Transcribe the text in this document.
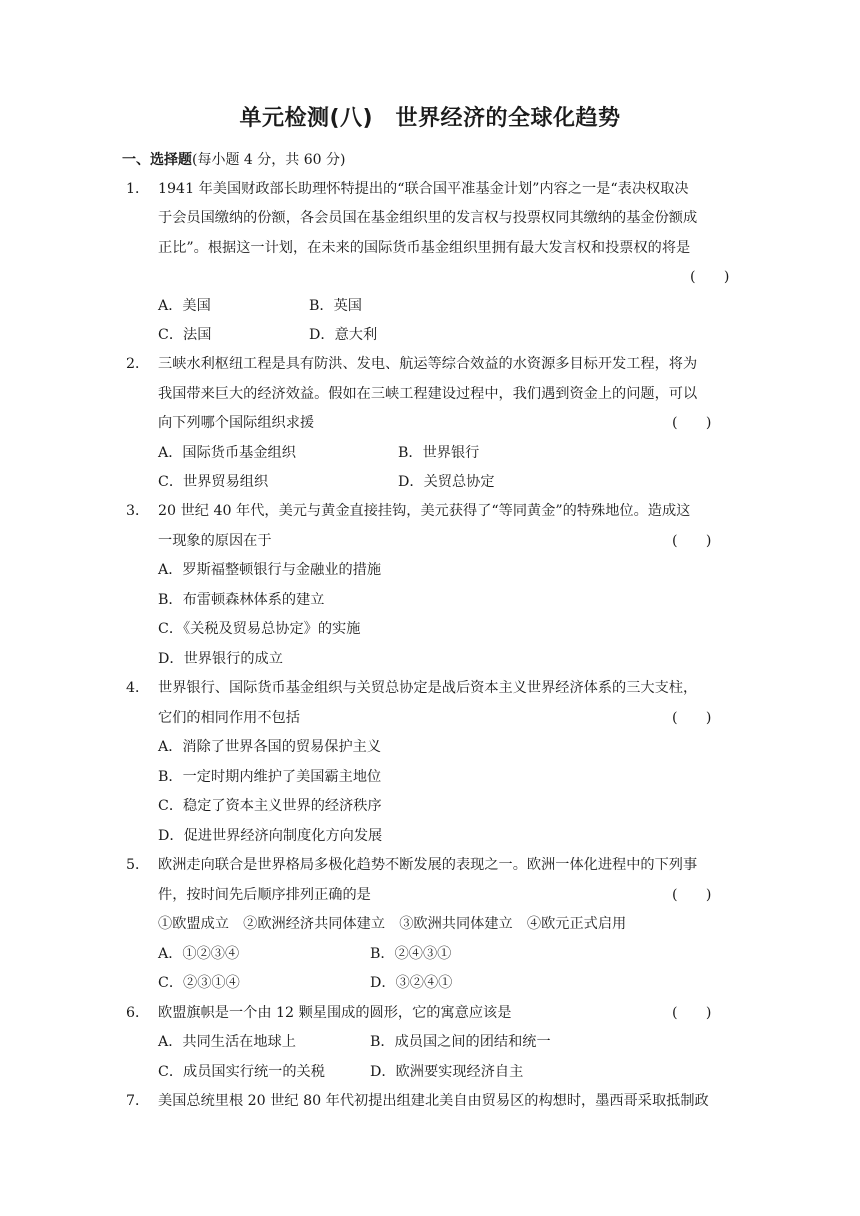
单元检测(八)　世界经济的全球化趋势
一、选择题(每小题 4 分，共 60 分)
1． 1941 年美国财政部长助理怀特提出的“联合国平准基金计划”内容之一是“表决权取决
于会员国缴纳的份额，各会员国在基金组织里的发言权与投票权同其缴纳的基金份额成
正比”。根据这一计划，在未来的国际货币基金组织里拥有最大发言权和投票权的将是
(　　)
A．美国	B．英国
C．法国	D．意大利
2． 三峡水利枢纽工程是具有防洪、发电、航运等综合效益的水资源多目标开发工程，将为
我国带来巨大的经济效益。假如在三峡工程建设过程中，我们遇到资金上的问题，可以
向下列哪个国际组织求援	(　　)
A．国际货币基金组织	B．世界银行
C．世界贸易组织	D．关贸总协定
3． 20 世纪 40 年代，美元与黄金直接挂钩，美元获得了“等同黄金”的特殊地位。造成这
一现象的原因在于	(　　)
A．罗斯福整顿银行与金融业的措施
B．布雷顿森林体系的建立
C．《关税及贸易总协定》的实施
D．世界银行的成立
4． 世界银行、国际货币基金组织与关贸总协定是战后资本主义世界经济体系的三大支柱，
它们的相同作用不包括	(　　)
A．消除了世界各国的贸易保护主义
B．一定时期内维护了美国霸主地位
C．稳定了资本主义世界的经济秩序
D．促进世界经济向制度化方向发展
5． 欧洲走向联合是世界格局多极化趋势不断发展的表现之一。欧洲一体化进程中的下列事
件，按时间先后顺序排列正确的是	(　　)
①欧盟成立　②欧洲经济共同体建立　③欧洲共同体建立　④欧元正式启用
A．①②③④	B．②④③①
C．②③①④	D．③②④①
6． 欧盟旗帜是一个由 12 颗星围成的圆形，它的寓意应该是	(　　)
A．共同生活在地球上	B．成员国之间的团结和统一
C．成员国实行统一的关税	D．欧洲要实现经济自主
7． 美国总统里根 20 世纪 80 年代初提出组建北美自由贸易区的构想时，墨西哥采取抵制政
